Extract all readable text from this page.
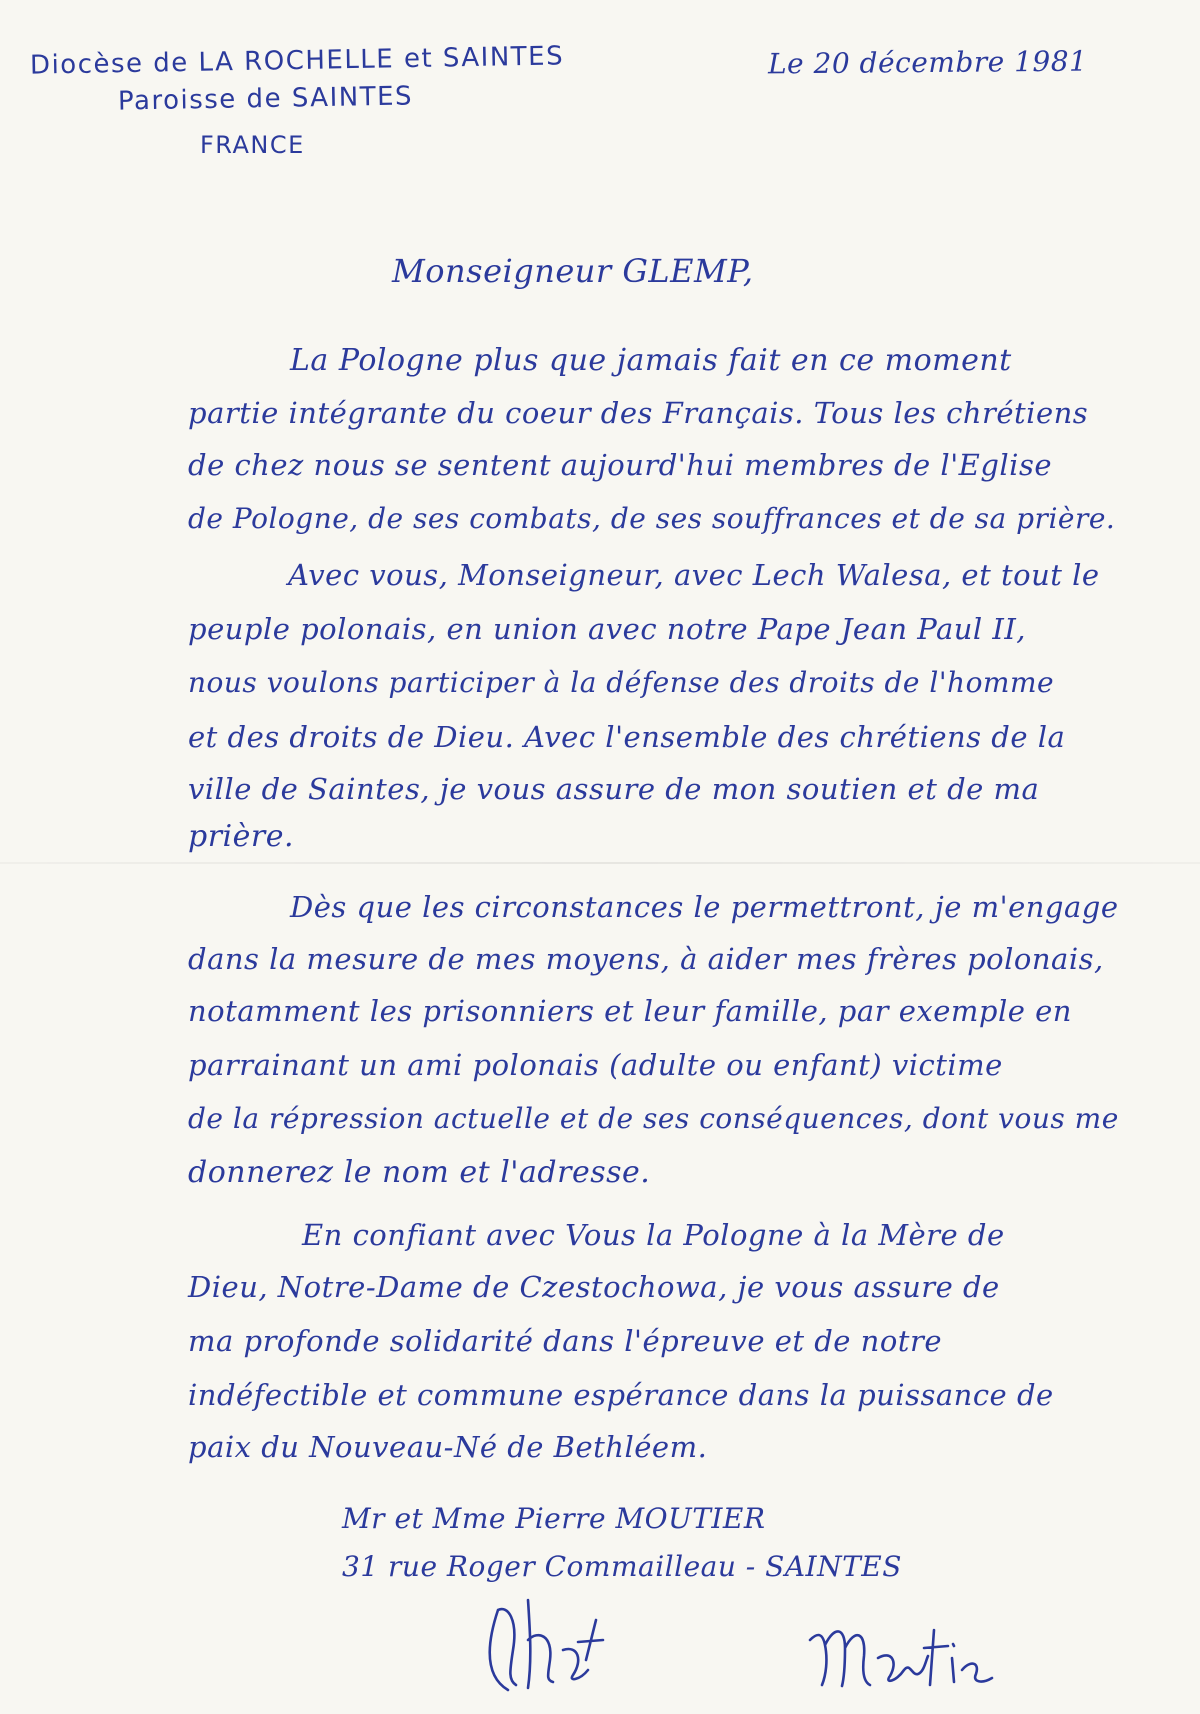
Diocèse de LA ROCHELLE et SAINTES
Paroisse de SAINTES
FRANCE
Le 20 décembre 1981
Monseigneur GLEMP,
La Pologne plus que jamais fait en ce moment
partie intégrante du coeur des Français. Tous les chrétiens
de chez nous se sentent aujourd'hui membres de l'Eglise
de Pologne, de ses combats, de ses souffrances et de sa prière.
Avec vous, Monseigneur, avec Lech Walesa, et tout le
peuple polonais, en union avec notre Pape Jean Paul II,
nous voulons participer à la défense des droits de l'homme
et des droits de Dieu. Avec l'ensemble des chrétiens de la
ville de Saintes, je vous assure de mon soutien et de ma
prière.
Dès que les circonstances le permettront, je m'engage
dans la mesure de mes moyens, à aider mes frères polonais,
notamment les prisonniers et leur famille, par exemple en
parrainant un ami polonais (adulte ou enfant) victime
de la répression actuelle et de ses conséquences, dont vous me
donnerez le nom et l'adresse.
En confiant avec Vous la Pologne à la Mère de
Dieu, Notre-Dame de Czestochowa, je vous assure de
ma profonde solidarité dans l'épreuve et de notre
indéfectible et commune espérance dans la puissance de
paix du Nouveau-Né de Bethléem.
Mr et Mme Pierre MOUTIER
31 rue Roger Commailleau - SAINTES
